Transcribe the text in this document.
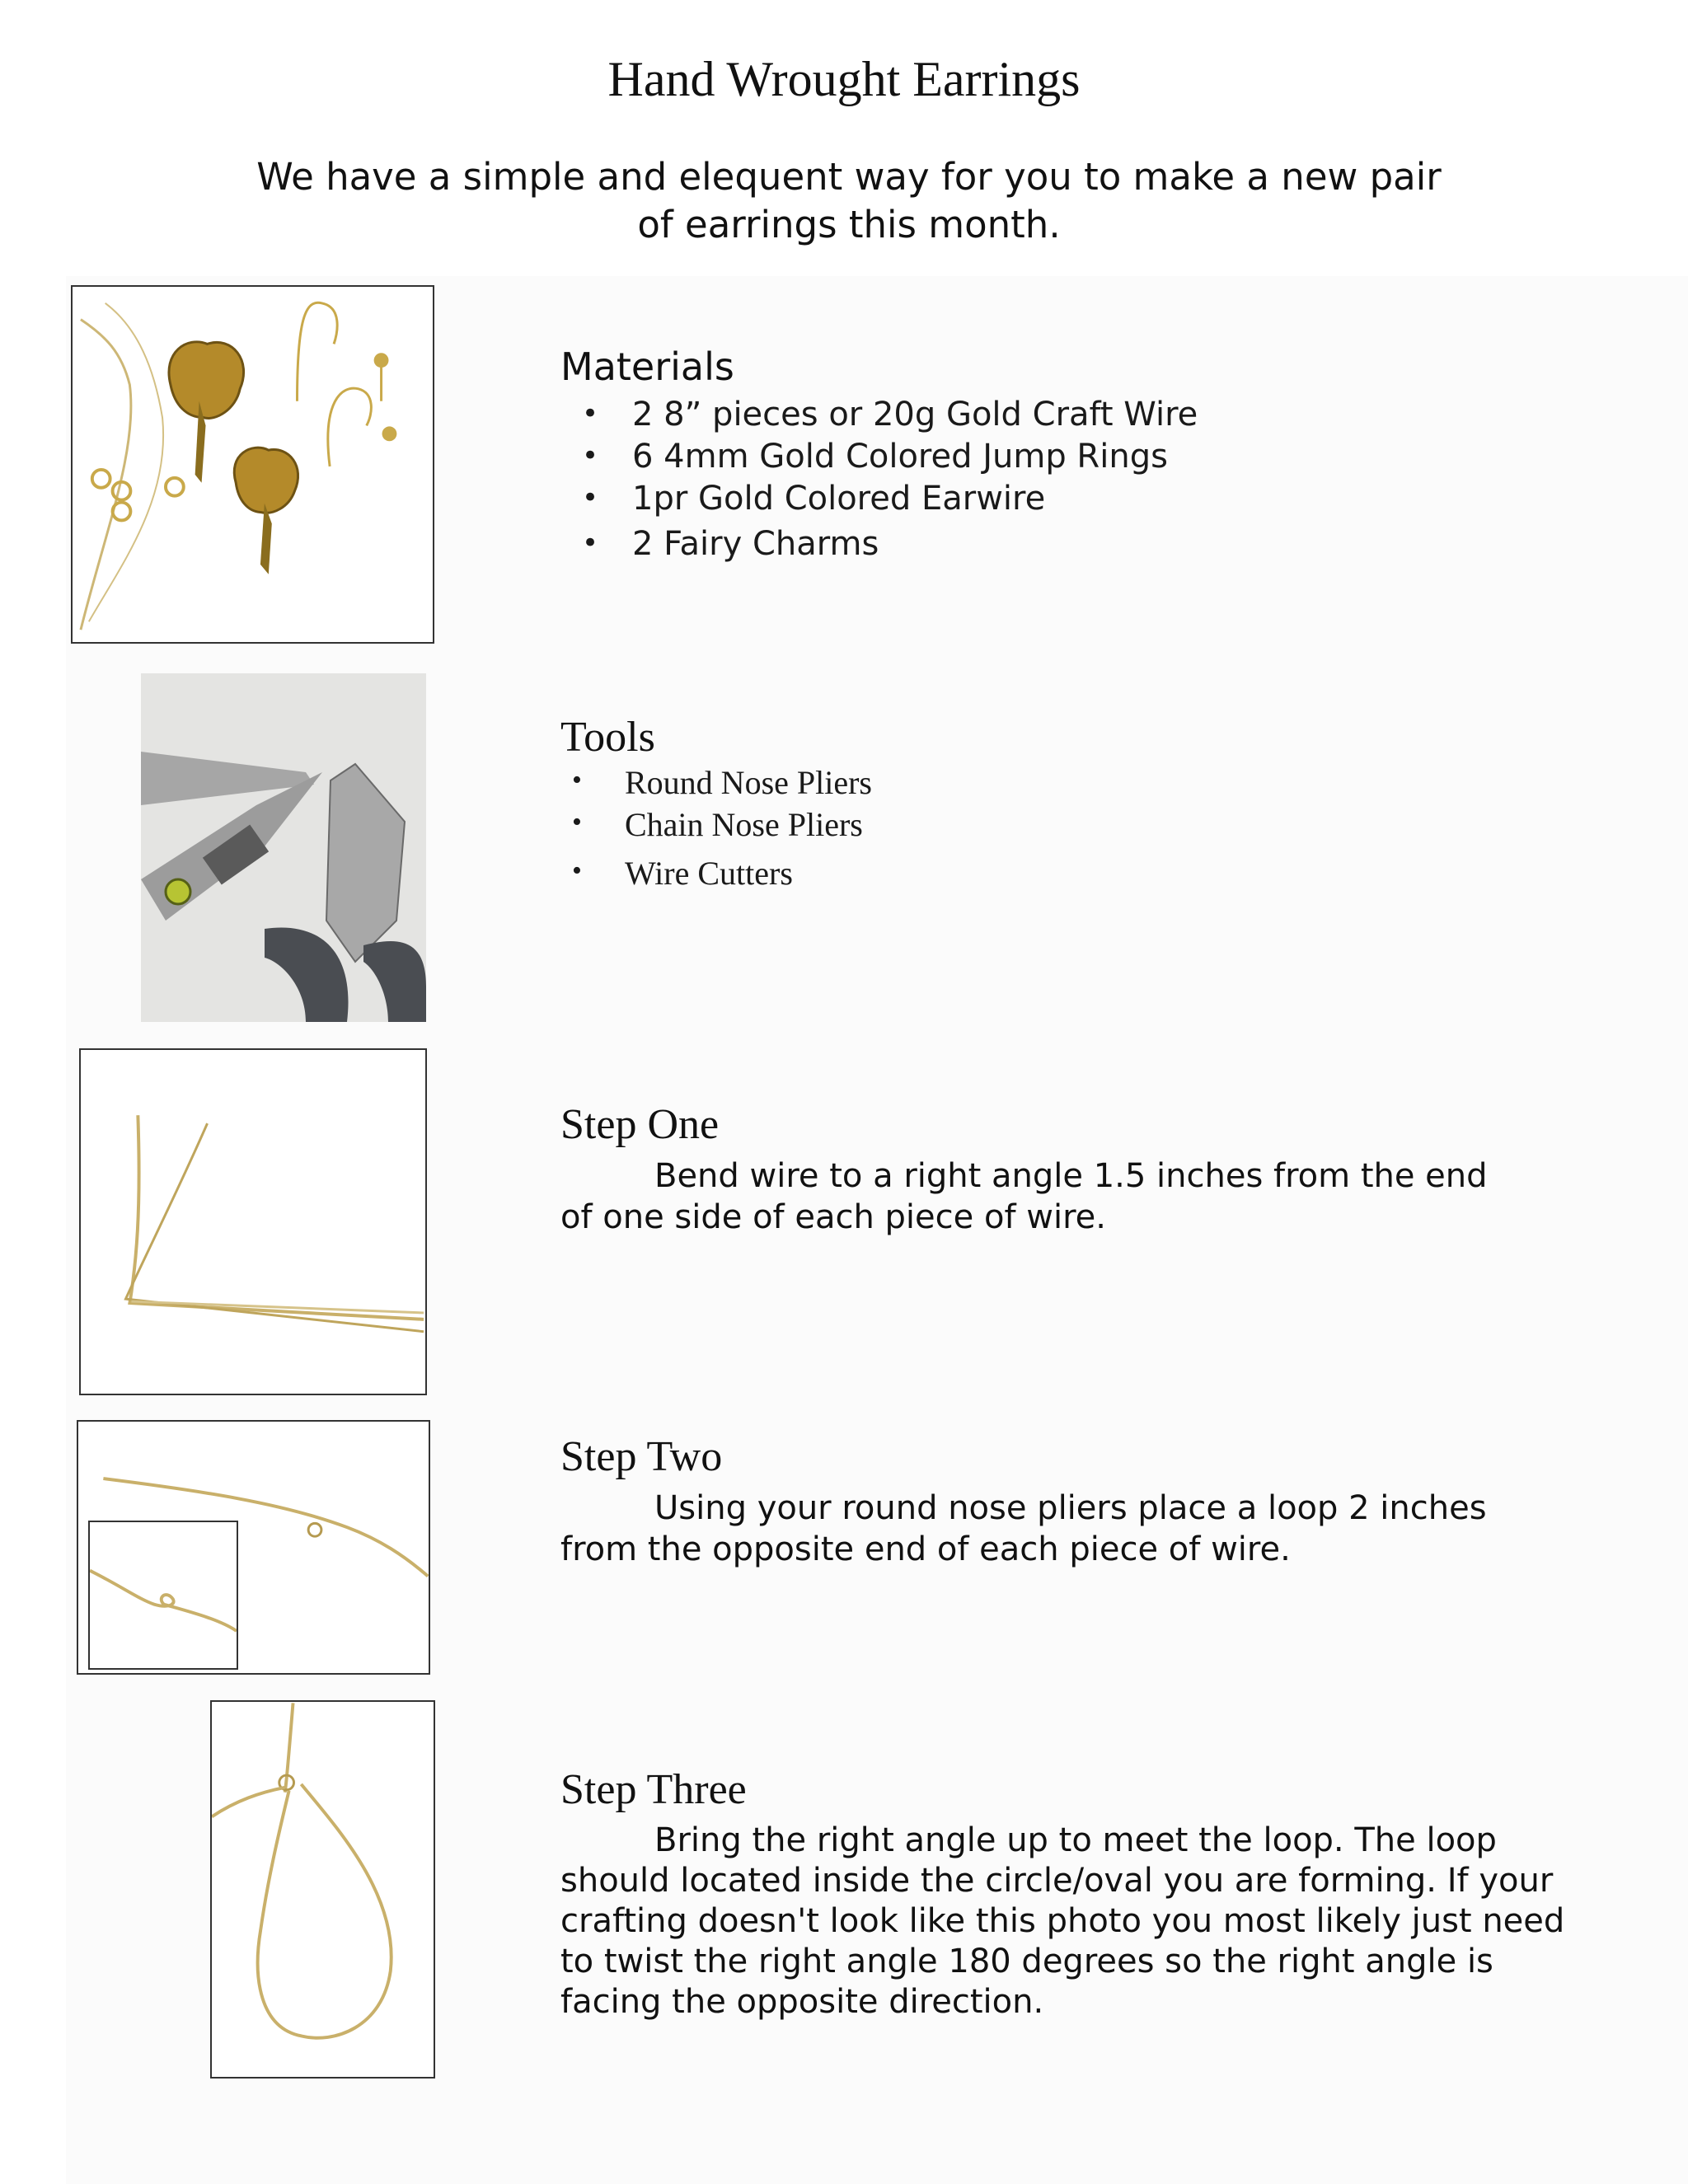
Hand Wrought Earrings
We have a simple and elequent way for you to make a new pair of earrings this month.
Materials
• 2 8” pieces or 20g Gold Craft Wire
• 6 4mm Gold Colored Jump Rings
• 1pr Gold Colored Earwire
• 2 Fairy Charms
Tools
• Round Nose Pliers
• Chain Nose Pliers
• Wire Cutters
Step One

Bend wire to a right angle 1.5 inches from the end of one side of each piece of wire.

Step Two

Using your round nose pliers place a loop 2 inches from the opposite end of each piece of wire.

Step Three

Bring the right angle up to meet the loop. The loop should located inside the circle/oval you are forming. If your crafting doesn't look like this photo you most likely just need to twist the right angle 180 degrees so the right angle is facing the opposite direction.
